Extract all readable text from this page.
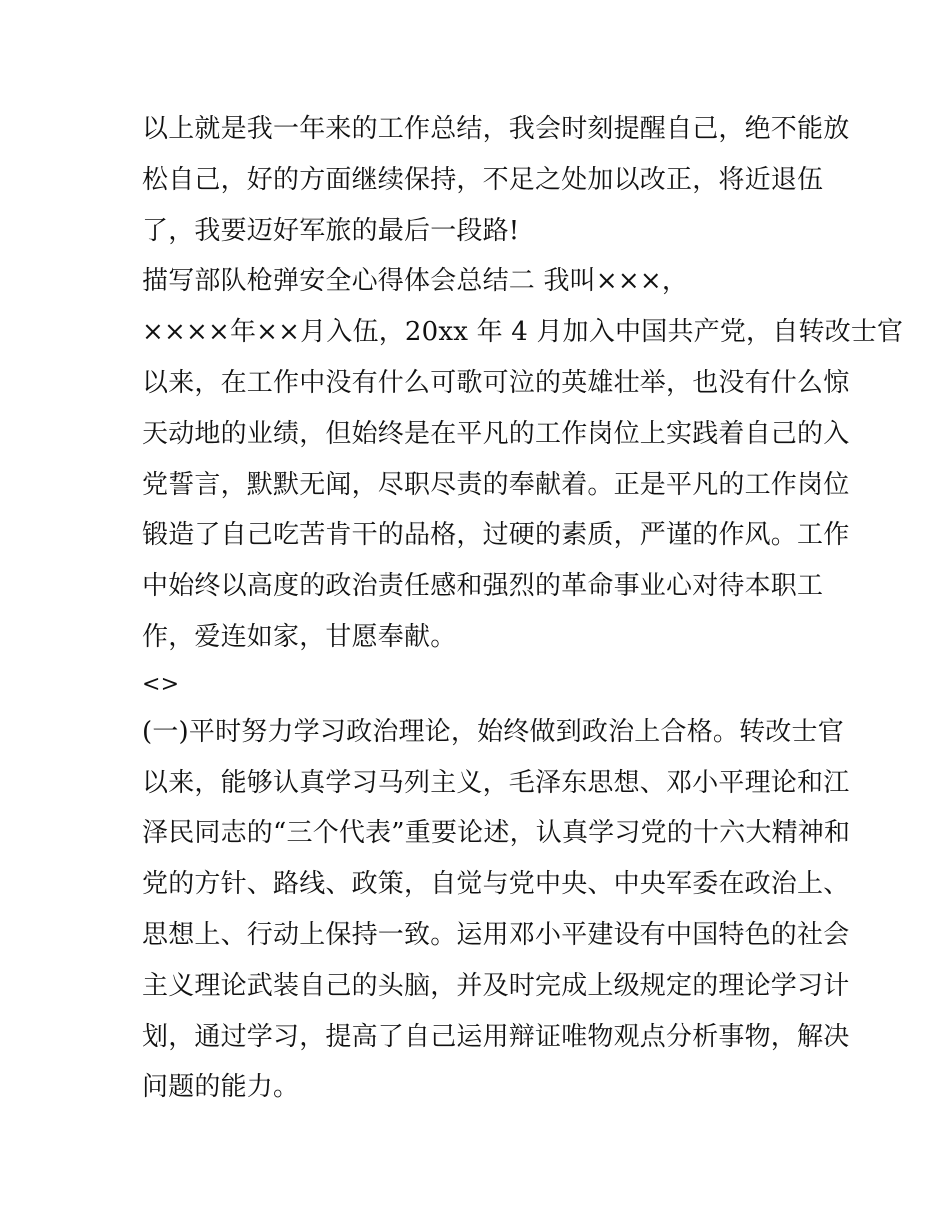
以上就是我一年来的工作总结，我会时刻提醒自己，绝不能放
松自己，好的方面继续保持，不足之处加以改正，将近退伍
了，我要迈好军旅的最后一段路!
描写部队枪弹安全心得体会总结二 我叫×××，
××××年××月入伍，20xx 年 4 月加入中国共产党，自转改士官
以来，在工作中没有什么可歌可泣的英雄壮举，也没有什么惊
天动地的业绩，但始终是在平凡的工作岗位上实践着自己的入
党誓言，默默无闻，尽职尽责的奉献着。正是平凡的工作岗位
锻造了自己吃苦肯干的品格，过硬的素质，严谨的作风。工作
中始终以高度的政治责任感和强烈的革命事业心对待本职工
作，爱连如家，甘愿奉献。
<>
(一)平时努力学习政治理论，始终做到政治上合格。转改士官
以来，能够认真学习马列主义，毛泽东思想、邓小平理论和江
泽民同志的“三个代表”重要论述，认真学习党的十六大精神和
党的方针、路线、政策，自觉与党中央、中央军委在政治上、
思想上、行动上保持一致。运用邓小平建设有中国特色的社会
主义理论武装自己的头脑，并及时完成上级规定的理论学习计
划，通过学习，提高了自己运用辩证唯物观点分析事物，解决
问题的能力。
